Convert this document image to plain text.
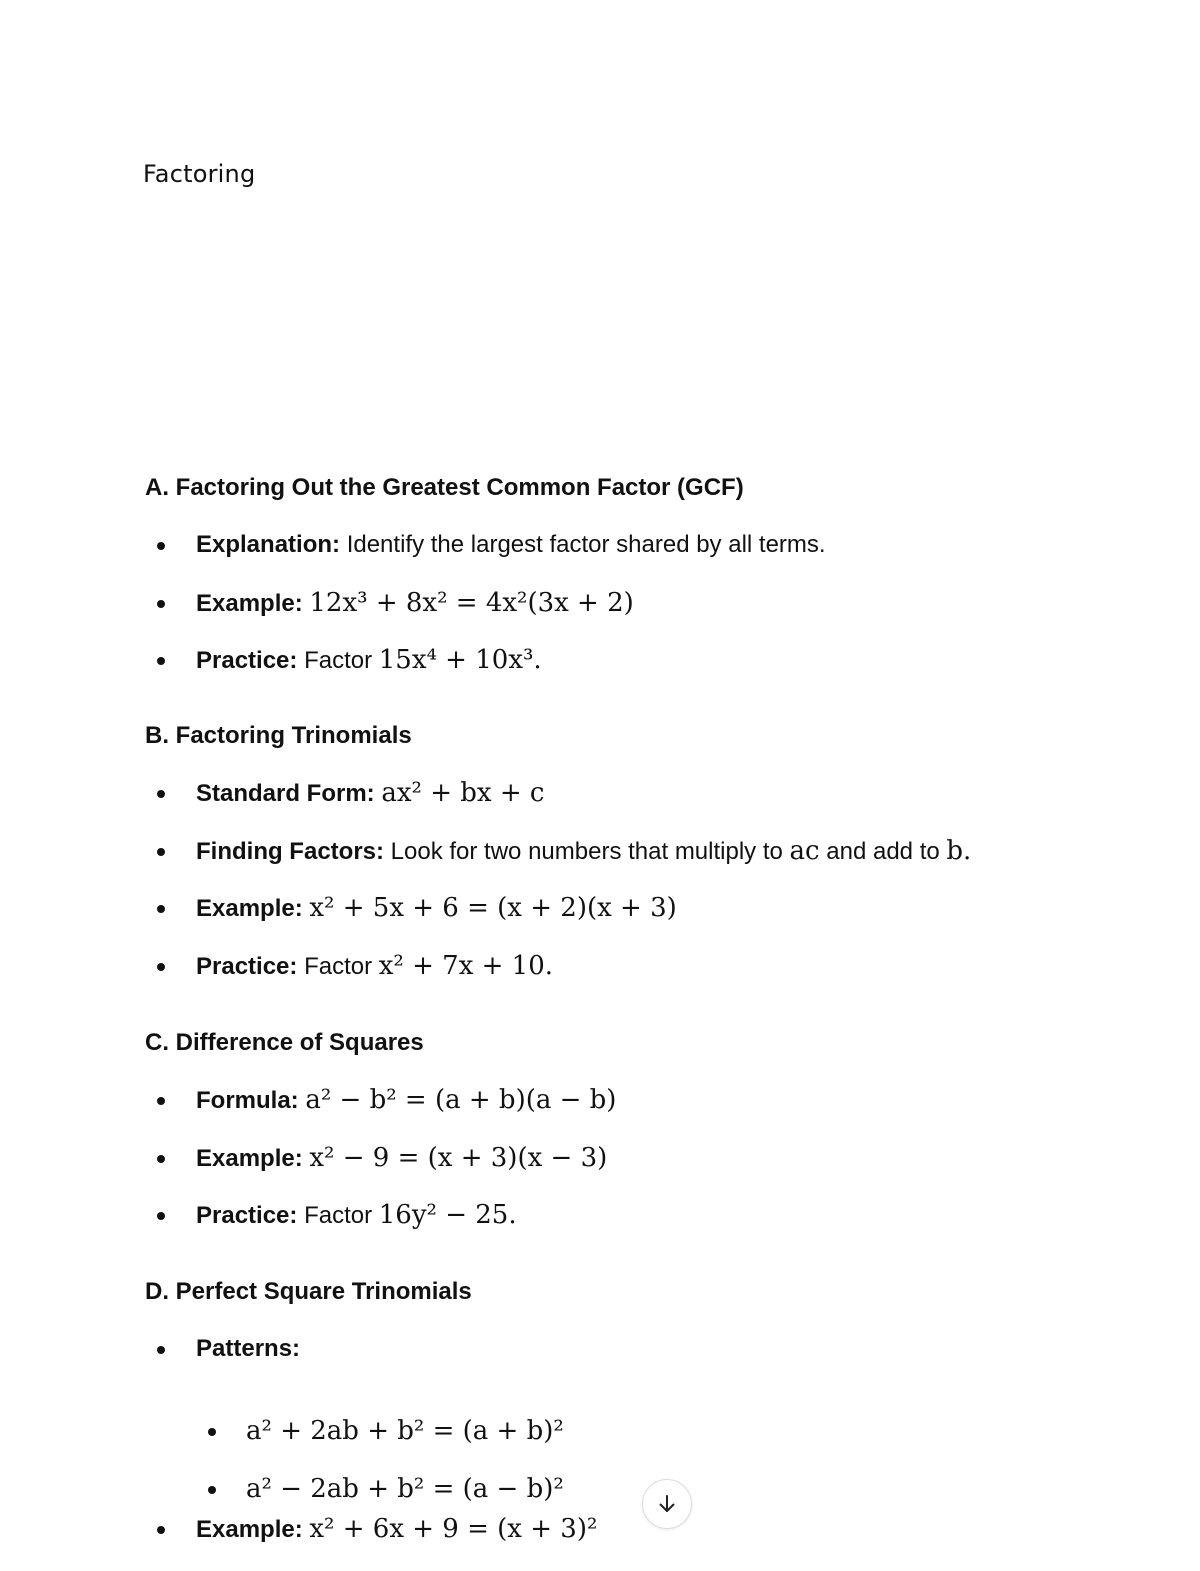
Factoring
A. Factoring Out the Greatest Common Factor (GCF)
Explanation: Identify the largest factor shared by all terms.
Example: 12x³ + 8x² = 4x²(3x + 2)
Practice: Factor 15x⁴ + 10x³.
B. Factoring Trinomials
Standard Form: ax² + bx + c
Finding Factors: Look for two numbers that multiply to ac and add to b.
Example: x² + 5x + 6 = (x + 2)(x + 3)
Practice: Factor x² + 7x + 10.
C. Difference of Squares
Formula: a² − b² = (a + b)(a − b)
Example: x² − 9 = (x + 3)(x − 3)
Practice: Factor 16y² − 25.
D. Perfect Square Trinomials
Patterns:
a² + 2ab + b² = (a + b)²
a² − 2ab + b² = (a − b)²
Example: x² + 6x + 9 = (x + 3)²
